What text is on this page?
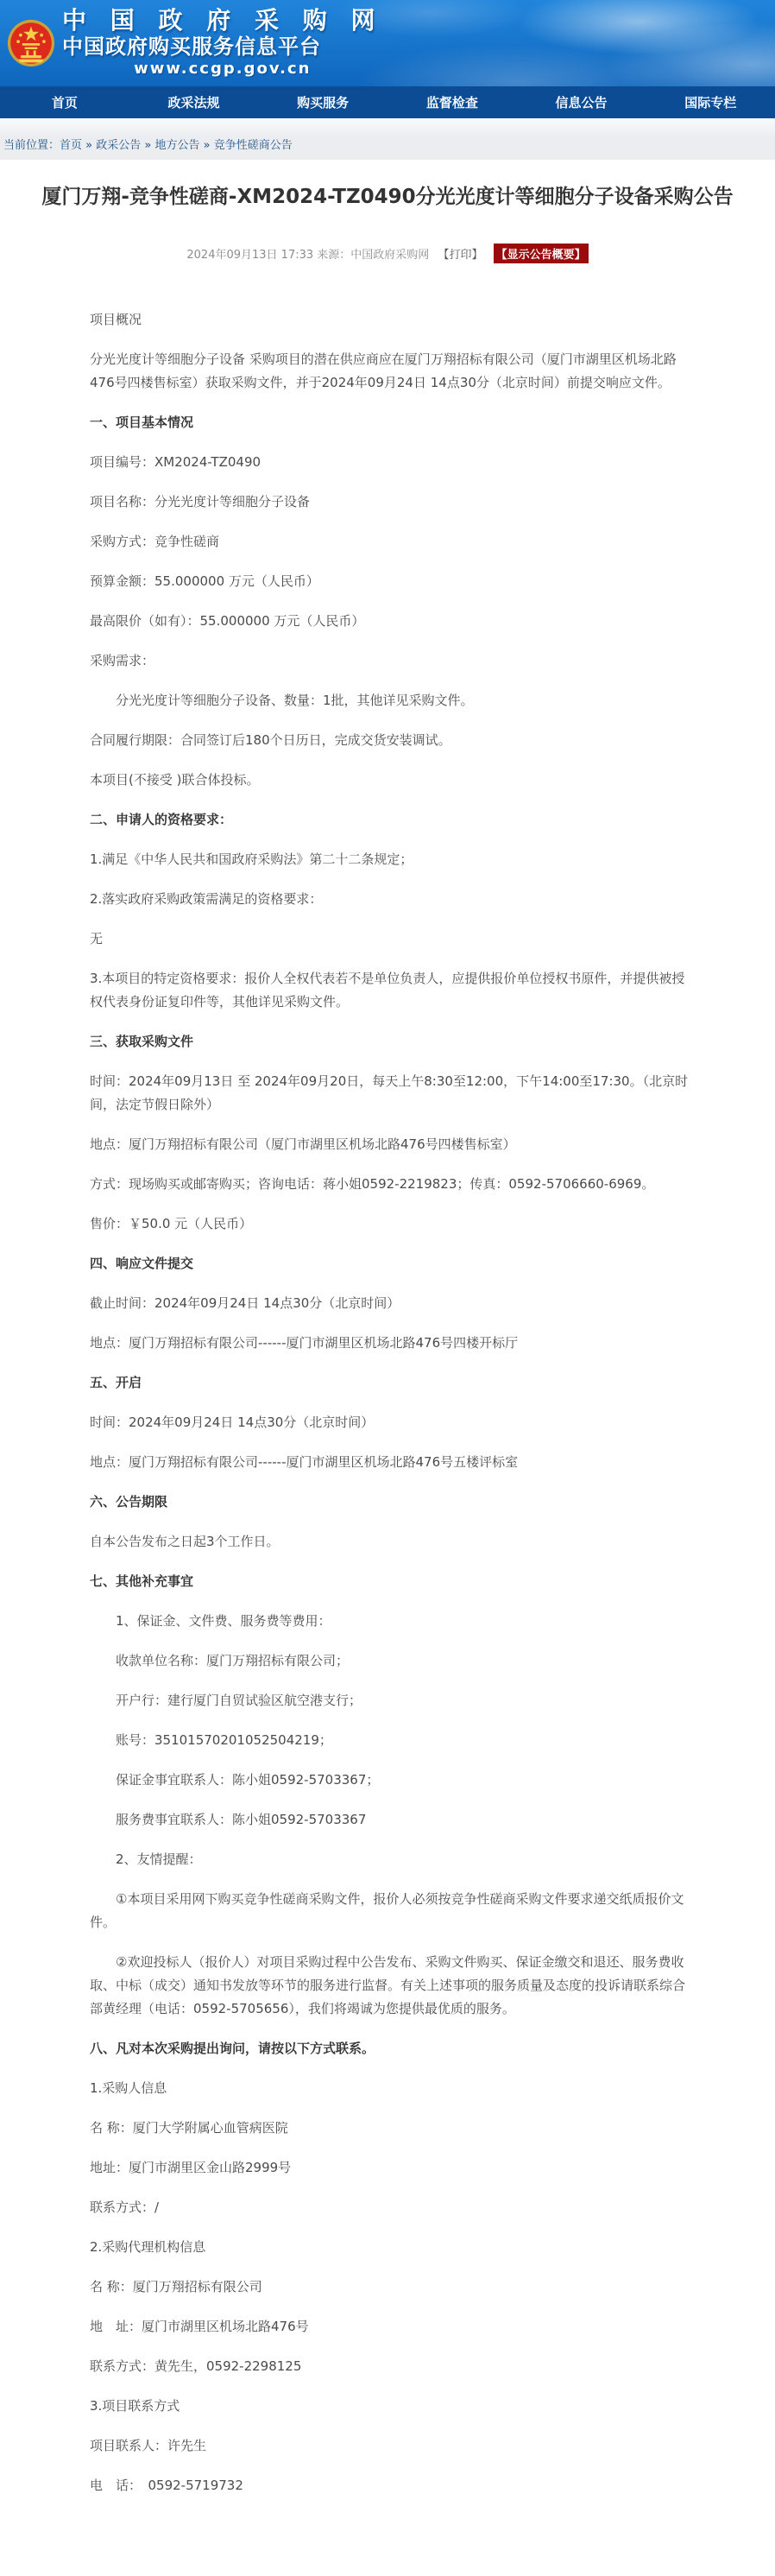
中 国 政 府 采 购 网
中国政府购买服务信息平台
www.ccgp.gov.cn
首页	政采法规	购买服务	监督检查	信息公告	国际专栏
当前位置：首页 » 政采公告 » 地方公告 » 竞争性磋商公告
厦门万翔-竞争性磋商-XM2024-TZ0490分光光度计等细胞分子设备采购公告
2024年09月13日 17:33 来源：中国政府采购网 【打印】 【显示公告概要】

项目概况

分光光度计等细胞分子设备 采购项目的潜在供应商应在厦门万翔招标有限公司（厦门市湖里区机场北路476号四楼售标室）获取采购文件，并于2024年09月24日 14点30分（北京时间）前提交响应文件。

一、项目基本情况

项目编号：XM2024-TZ0490

项目名称：分光光度计等细胞分子设备

采购方式：竞争性磋商

预算金额：55.000000 万元（人民币）

最高限价（如有）：55.000000 万元（人民币）

采购需求：

分光光度计等细胞分子设备、数量：1批，其他详见采购文件。

合同履行期限：合同签订后180个日历日，完成交货安装调试。

本项目(不接受 )联合体投标。

二、申请人的资格要求：

1.满足《中华人民共和国政府采购法》第二十二条规定；

2.落实政府采购政策需满足的资格要求：

无

3.本项目的特定资格要求：报价人全权代表若不是单位负责人，应提供报价单位授权书原件，并提供被授权代表身份证复印件等，其他详见采购文件。

三、获取采购文件

时间：2024年09月13日 至 2024年09月20日，每天上午8:30至12:00，下午14:00至17:30。（北京时间，法定节假日除外）

地点：厦门万翔招标有限公司（厦门市湖里区机场北路476号四楼售标室）

方式：现场购买或邮寄购买；咨询电话：蒋小姐0592-2219823；传真：0592-5706660-6969。

售价：￥50.0 元（人民币）

四、响应文件提交

截止时间：2024年09月24日 14点30分（北京时间）

地点：厦门万翔招标有限公司------厦门市湖里区机场北路476号四楼开标厅

五、开启

时间：2024年09月24日 14点30分（北京时间）

地点：厦门万翔招标有限公司------厦门市湖里区机场北路476号五楼评标室

六、公告期限

自本公告发布之日起3个工作日。

七、其他补充事宜

1、保证金、文件费、服务费等费用：

收款单位名称：厦门万翔招标有限公司；

开户行：建行厦门自贸试验区航空港支行；

账号：35101570201052504219；

保证金事宜联系人：陈小姐0592-5703367；

服务费事宜联系人：陈小姐0592-5703367

2、友情提醒：

①本项目采用网下购买竞争性磋商采购文件，报价人必须按竞争性磋商采购文件要求递交纸质报价文件。

②欢迎投标人（报价人）对项目采购过程中公告发布、采购文件购买、保证金缴交和退还、服务费收取、中标（成交）通知书发放等环节的服务进行监督。有关上述事项的服务质量及态度的投诉请联系综合部黄经理（电话：0592-5705656），我们将竭诚为您提供最优质的服务。

八、凡对本次采购提出询问，请按以下方式联系。

1.采购人信息

名 称：厦门大学附属心血管病医院

地址：厦门市湖里区金山路2999号

联系方式：/

2.采购代理机构信息

名 称：厦门万翔招标有限公司

地　址：厦门市湖里区机场北路476号

联系方式：黄先生，0592-2298125

3.项目联系方式

项目联系人：许先生

电　话：　0592-5719732
